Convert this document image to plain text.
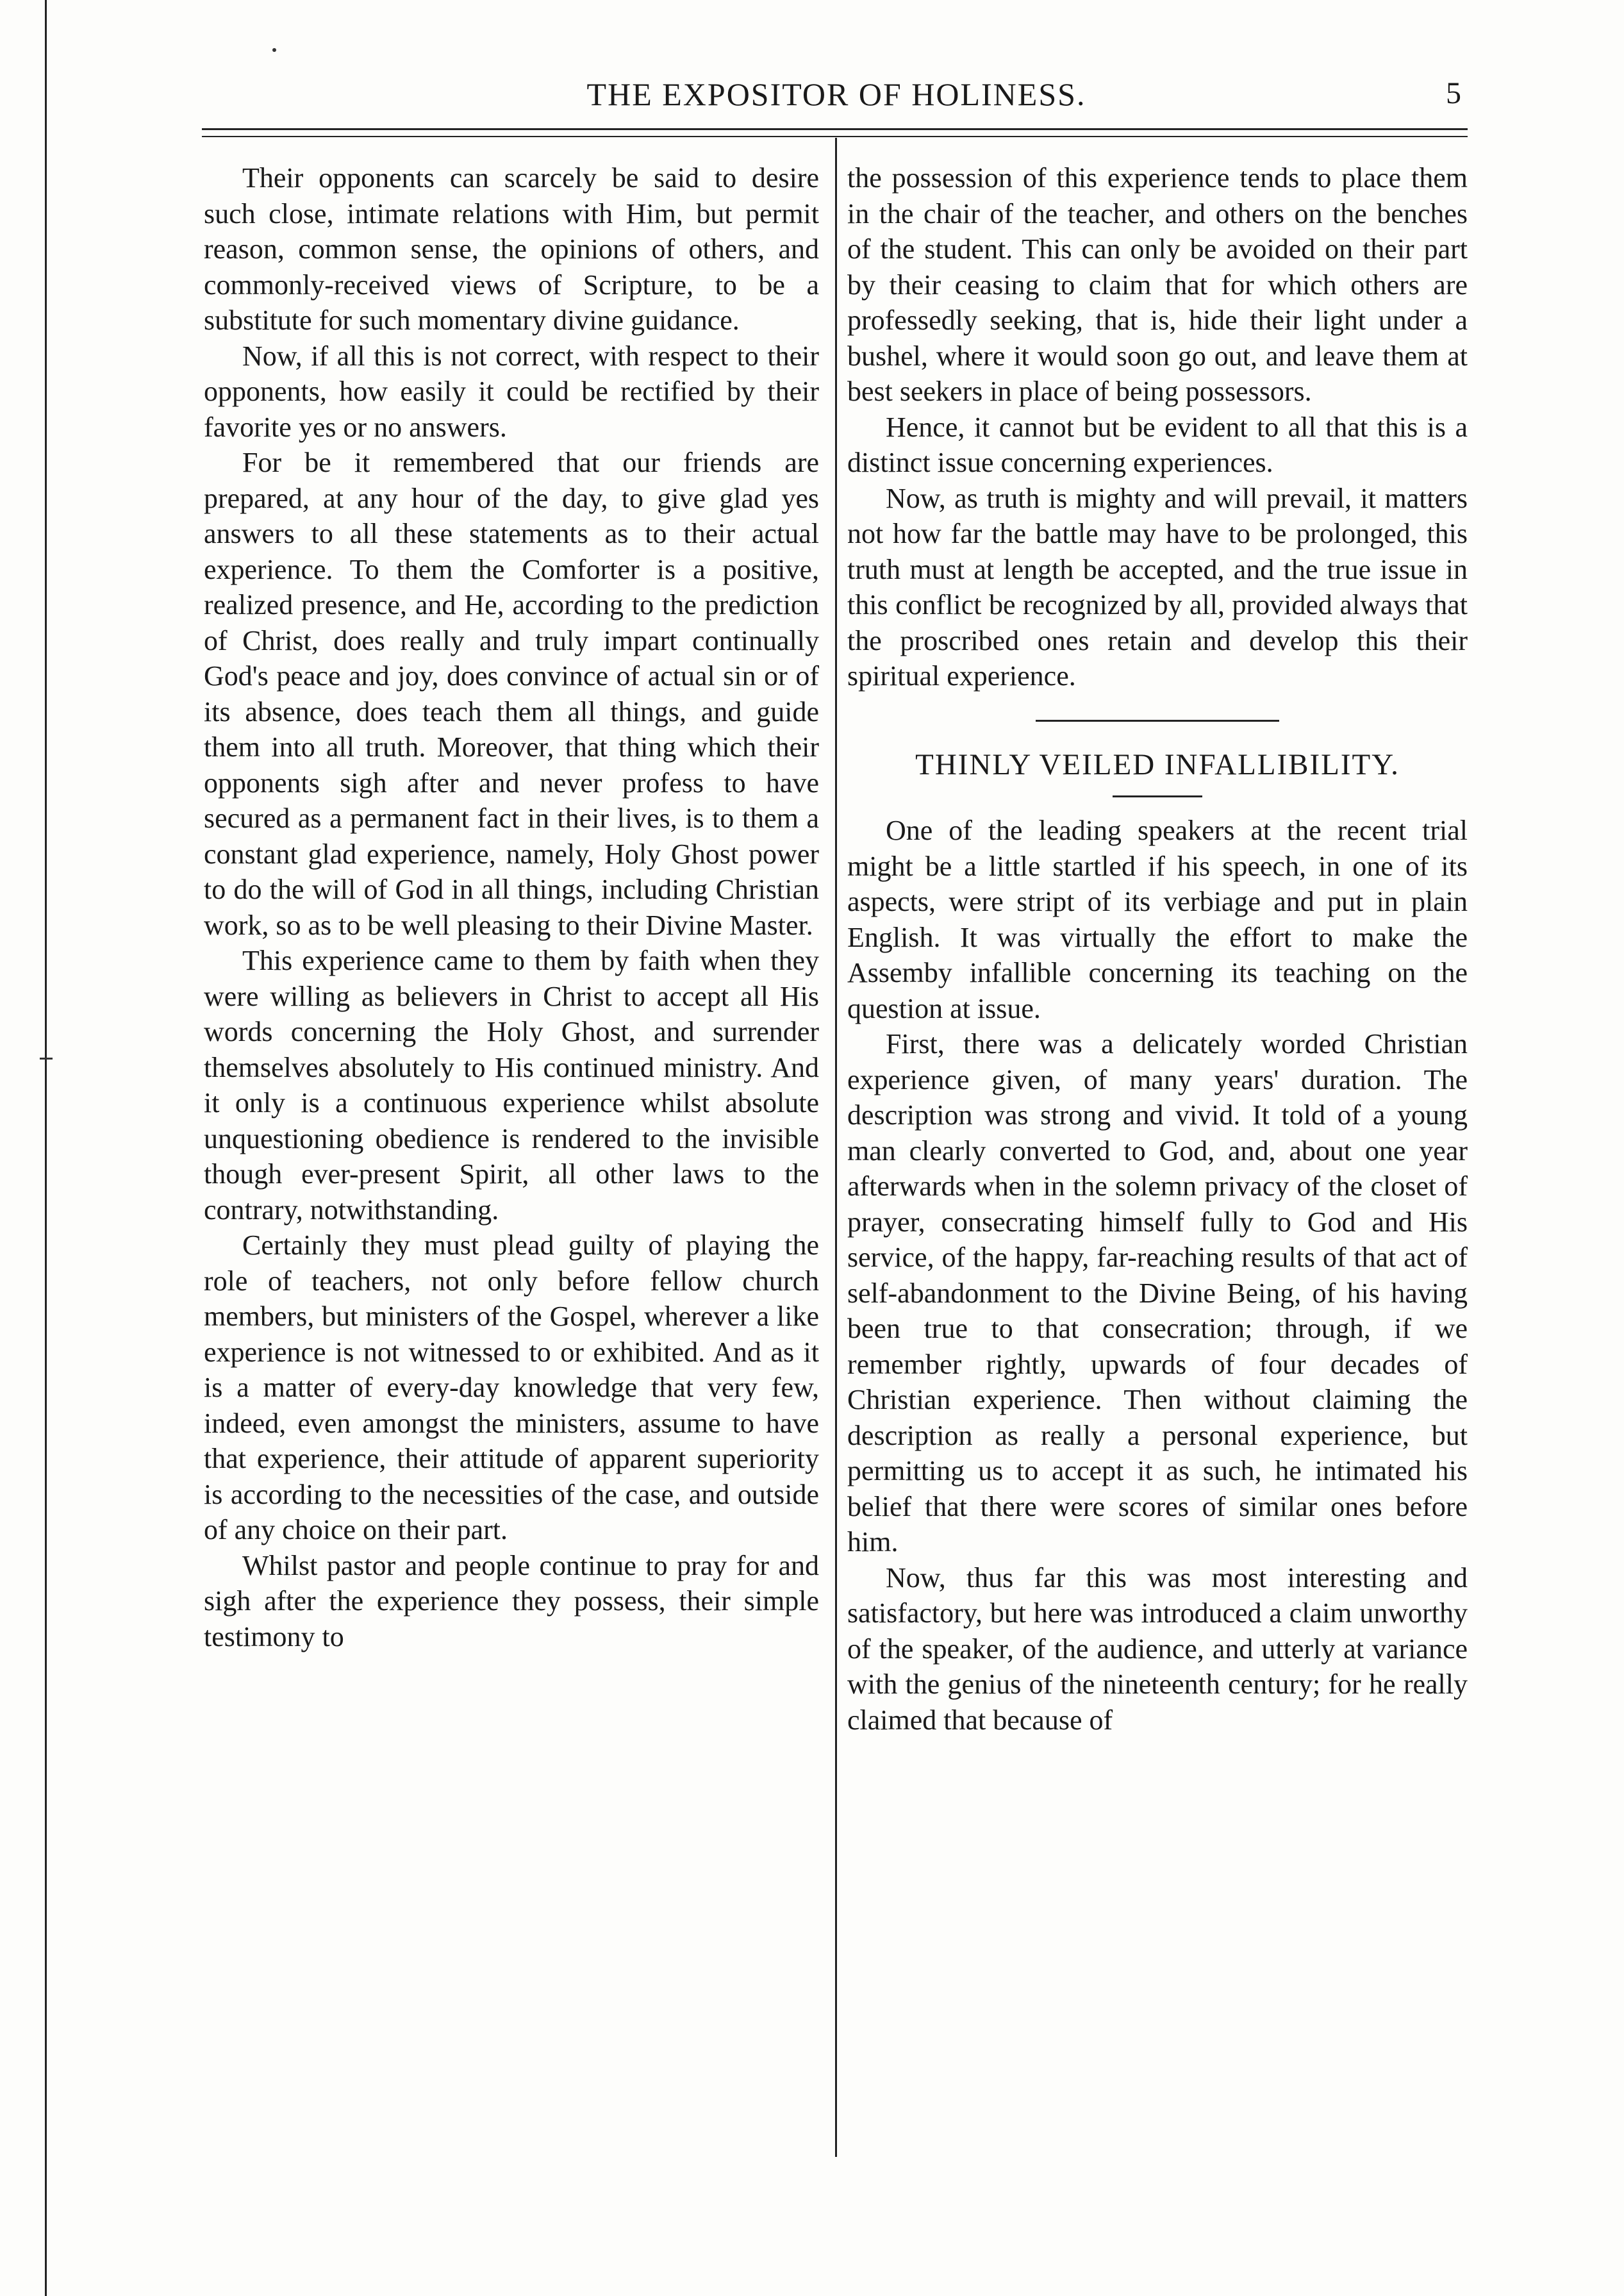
THE EXPOSITOR OF HOLINESS.	5

Their opponents can scarcely be said to desire such close, intimate relations with Him, but permit reason, common sense, the opinions of others, and commonly-received views of Scripture, to be a substitute for such momentary divine guidance.

Now, if all this is not correct, with respect to their opponents, how easily it could be rectified by their favorite yes or no answers.

For be it remembered that our friends are prepared, at any hour of the day, to give glad yes answers to all these statements as to their actual experience. To them the Comforter is a positive, realized presence, and He, according to the prediction of Christ, does really and truly impart continually God's peace and joy, does convince of actual sin or of its absence, does teach them all things, and guide them into all truth. Moreover, that thing which their opponents sigh after and never profess to have secured as a permanent fact in their lives, is to them a constant glad experience, namely, Holy Ghost power to do the will of God in all things, including Christian work, so as to be well pleasing to their Divine Master.

This experience came to them by faith when they were willing as believers in Christ to accept all His words concerning the Holy Ghost, and surrender themselves absolutely to His continued ministry. And it only is a continuous experience whilst absolute unquestioning obedience is rendered to the invisible though ever-present Spirit, all other laws to the contrary, notwithstanding.

Certainly they must plead guilty of playing the role of teachers, not only before fellow church members, but ministers of the Gospel, wherever a like experience is not witnessed to or exhibited. And as it is a matter of every-day knowledge that very few, indeed, even amongst the ministers, assume to have that experience, their attitude of apparent superiority is according to the necessities of the case, and outside of any choice on their part.

Whilst pastor and people continue to pray for and sigh after the experience they possess, their simple testimony to

the possession of this experience tends to place them in the chair of the teacher, and others on the benches of the student. This can only be avoided on their part by their ceasing to claim that for which others are professedly seeking, that is, hide their light under a bushel, where it would soon go out, and leave them at best seekers in place of being possessors.

Hence, it cannot but be evident to all that this is a distinct issue concerning experiences.

Now, as truth is mighty and will prevail, it matters not how far the battle may have to be prolonged, this truth must at length be accepted, and the true issue in this conflict be recognized by all, provided always that the proscribed ones retain and develop this their spiritual experience.

THINLY VEILED INFALLIBILITY.

One of the leading speakers at the recent trial might be a little startled if his speech, in one of its aspects, were stript of its verbiage and put in plain English. It was virtually the effort to make the Assemby infallible concerning its teaching on the question at issue.

First, there was a delicately worded Christian experience given, of many years' duration. The description was strong and vivid. It told of a young man clearly converted to God, and, about one year afterwards when in the solemn privacy of the closet of prayer, consecrating himself fully to God and His service, of the happy, far-reaching results of that act of self-abandonment to the Divine Being, of his having been true to that consecration; through, if we remember rightly, upwards of four decades of Christian experience. Then without claiming the description as really a personal experience, but permitting us to accept it as such, he intimated his belief that there were scores of similar ones before him.

Now, thus far this was most interesting and satisfactory, but here was introduced a claim unworthy of the speaker, of the audience, and utterly at variance with the genius of the nineteenth century; for he really claimed that because of
